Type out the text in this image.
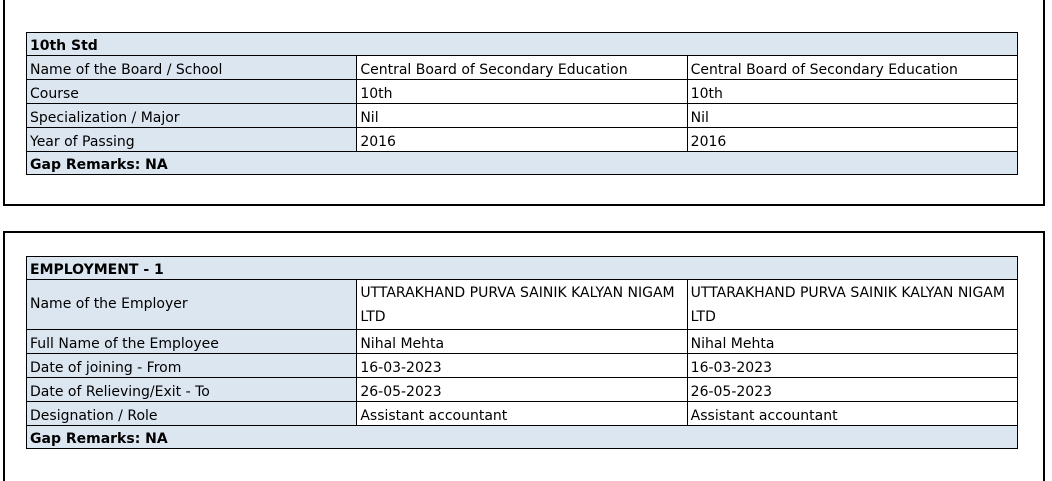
10th Std		
Name of the Board / School	Central Board of Secondary Education	Central Board of Secondary Education
Course	10th	10th
Specialization / Major	Nil	Nil
Year of Passing	2016	2016
Gap Remarks: NA		
EMPLOYMENT - 1		
Name of the Employer	UTTARAKHAND PURVA SAINIK KALYAN NIGAM LTD	UTTARAKHAND PURVA SAINIK KALYAN NIGAM LTD
Full Name of the Employee	Nihal Mehta	Nihal Mehta
Date of joining - From	16-03-2023	16-03-2023
Date of Relieving/Exit - To	26-05-2023	26-05-2023
Designation / Role	Assistant accountant	Assistant accountant
Gap Remarks: NA		
